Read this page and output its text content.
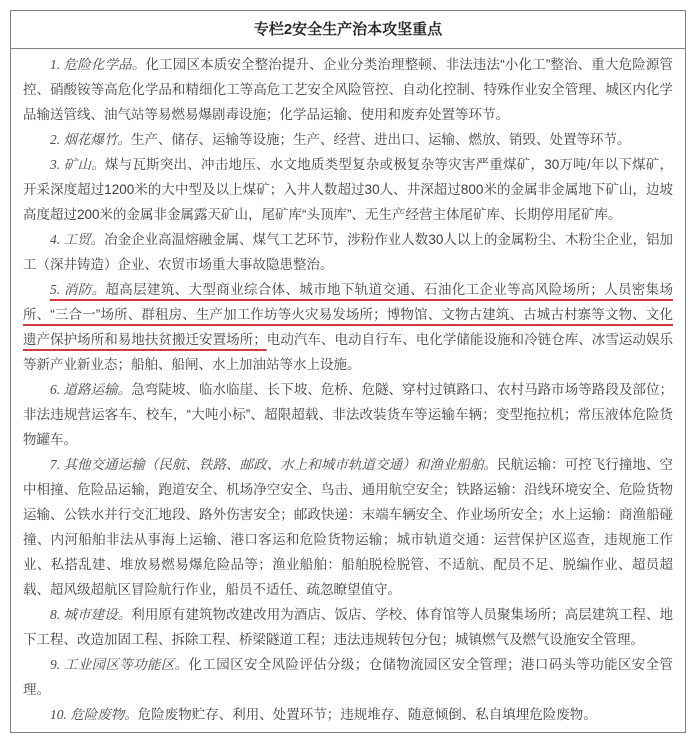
专栏2安全生产治本攻坚重点

1. 危险化学品。化工园区本质安全整治提升、企业分类治理整顿、非法违法“小化工”整治、重大危险源管控、硝酸铵等高危化学品和精细化工等高危工艺安全风险管控、自动化控制、特殊作业安全管理、城区内化学品输送管线、油气站等易燃易爆剧毒设施；化学品运输、使用和废弃处置等环节。

2. 烟花爆竹。生产、储存、运输等设施；生产、经营、进出口、运输、燃放、销毁、处置等环节。

3. 矿山。煤与瓦斯突出、冲击地压、水文地质类型复杂或极复杂等灾害严重煤矿，30万吨/年以下煤矿，开采深度超过1200米的大中型及以上煤矿；入井人数超过30人、井深超过800米的金属非金属地下矿山，边坡高度超过200米的金属非金属露天矿山，尾矿库“头顶库”、无生产经营主体尾矿库、长期停用尾矿库。

4. 工贸。冶金企业高温熔融金属、煤气工艺环节，涉粉作业人数30人以上的金属粉尘、木粉尘企业，铝加工（深井铸造）企业、农贸市场重大事故隐患整治。

5. 消防。超高层建筑、大型商业综合体、城市地下轨道交通、石油化工企业等高风险场所；人员密集场所、“三合一”场所、群租房、生产加工作坊等火灾易发场所；博物馆、文物古建筑、古城古村寨等文物、文化遗产保护场所和易地扶贫搬迁安置场所；电动汽车、电动自行车、电化学储能设施和冷链仓库、冰雪运动娱乐等新产业新业态；船舶、船闸、水上加油站等水上设施。

6. 道路运输。急弯陡坡、临水临崖、长下坡、危桥、危隧、穿村过镇路口、农村马路市场等路段及部位；非法违规营运客车、校车，“大吨小标”、超限超载、非法改装货车等运输车辆；变型拖拉机；常压液体危险货物罐车。

7. 其他交通运输（民航、铁路、邮政、水上和城市轨道交通）和渔业船舶。民航运输：可控飞行撞地、空中相撞、危险品运输，跑道安全、机场净空安全、鸟击、通用航空安全；铁路运输：沿线环境安全、危险货物运输、公铁水并行交汇地段、路外伤害安全；邮政快递：末端车辆安全、作业场所安全；水上运输：商渔船碰撞、内河船舶非法从事海上运输、港口客运和危险货物运输；城市轨道交通：运营保护区巡查，违规施工作业、私搭乱建、堆放易燃易爆危险品等；渔业船舶：船舶脱检脱管、不适航、配员不足、脱编作业、超员超载、超风级超航区冒险航行作业，船员不适任、疏忽瞭望值守。

8. 城市建设。利用原有建筑物改建改用为酒店、饭店、学校、体育馆等人员聚集场所；高层建筑工程、地下工程、改造加固工程、拆除工程、桥梁隧道工程；违法违规转包分包；城镇燃气及燃气设施安全管理。

9. 工业园区等功能区。化工园区安全风险评估分级；仓储物流园区安全管理；港口码头等功能区安全管理。

10. 危险废物。危险废物贮存、利用、处置环节；违规堆存、随意倾倒、私自填埋危险废物。
